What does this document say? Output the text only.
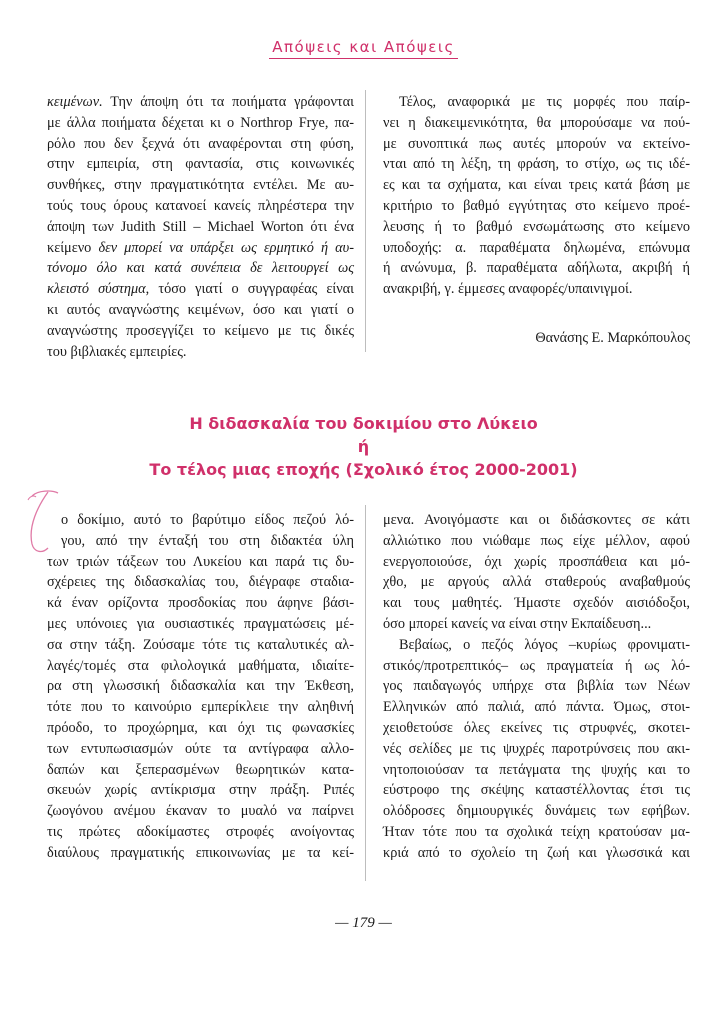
Απόψεις και Απόψεις
κειμένων. Την άποψη ότι τα ποιήματα γράφονται
με άλλα ποιήματα δέχεται κι ο Northrop Frye, πα-
ρόλο που δεν ξεχνά ότι αναφέρονται στη φύση,
στην εμπειρία, στη φαντασία, στις κοινωνικές
συνθήκες, στην πραγματικότητα εντέλει. Με αυ-
τούς τους όρους κατανοεί κανείς πληρέστερα την
άποψη των Judith Still – Michael Worton ότι ένα
κείμενο δεν μπορεί να υπάρξει ως ερμητικό ή αυ-
τόνομο όλο και κατά συνέπεια δε λειτουργεί ως
κλειστό σύστημα, τόσο γιατί ο συγγραφέας είναι
κι αυτός αναγνώστης κειμένων, όσο και γιατί ο
αναγνώστης προσεγγίζει το κείμενο με τις δικές
του βιβλιακές εμπειρίες.
Τέλος, αναφορικά με τις μορφές που παίρ-
νει η διακειμενικότητα, θα μπορούσαμε να πού-
με συνοπτικά πως αυτές μπορούν να εκτείνο-
νται από τη λέξη, τη φράση, το στίχο, ως τις ιδέ-
ες και τα σχήματα, και είναι τρεις κατά βάση με
κριτήριο το βαθμό εγγύτητας στο κείμενο προέ-
λευσης ή το βαθμό ενσωμάτωσης στο κείμενο
υποδοχής: α. παραθέματα δηλωμένα, επώνυμα
ή ανώνυμα, β. παραθέματα αδήλωτα, ακριβή ή
ανακριβή, γ. έμμεσες αναφορές/υπαινιγμοί.
Θανάσης Ε. Μαρκόπουλος
Η διδασκαλία του δοκιμίου στο Λύκειο
ή
Το τέλος μιας εποχής (Σχολικό έτος 2000-2001)
ο δοκίμιο, αυτό το βαρύτιμο είδος πεζού λό-
γου, από την ένταξή του στη διδακτέα ύλη
των τριών τάξεων του Λυκείου και παρά τις δυ-
σχέρειες της διδασκαλίας του, διέγραφε σταδια-
κά έναν ορίζοντα προσδοκίας που άφηνε βάσι-
μες υπόνοιες για ουσιαστικές πραγματώσεις μέ-
σα στην τάξη. Ζούσαμε τότε τις καταλυτικές αλ-
λαγές/τομές στα φιλολογικά μαθήματα, ιδιαίτε-
ρα στη γλωσσική διδασκαλία και την Έκθεση,
τότε που το καινούριο εμπερίκλειε την αληθινή
πρόοδο, το προχώρημα, και όχι τις φωνασκίες
των εντυπωσιασμών ούτε τα αντίγραφα αλλο-
δαπών και ξεπερασμένων θεωρητικών κατα-
σκευών χωρίς αντίκρισμα στην πράξη. Ριπές
ζωογόνου ανέμου έκαναν το μυαλό να παίρνει
τις πρώτες αδοκίμαστες στροφές ανοίγοντας
διαύλους πραγματικής επικοινωνίας με τα κεί-
μενα. Ανοιγόμαστε και οι διδάσκοντες σε κάτι
αλλιώτικο που νιώθαμε πως είχε μέλλον, αφού
ενεργοποιούσε, όχι χωρίς προσπάθεια και μό-
χθο, με αργούς αλλά σταθερούς αναβαθμούς
και τους μαθητές. Ήμαστε σχεδόν αισιόδοξοι,
όσο μπορεί κανείς να είναι στην Εκπαίδευση...
Βεβαίως, ο πεζός λόγος –κυρίως φρονιματι-
στικός/προτρεπτικός– ως πραγματεία ή ως λό-
γος παιδαγωγός υπήρχε στα βιβλία των Νέων
Ελληνικών από παλιά, από πάντα. Όμως, στοι-
χειοθετούσε όλες εκείνες τις στρυφνές, σκοτει-
νές σελίδες με τις ψυχρές παροτρύνσεις που ακι-
νητοποιούσαν τα πετάγματα της ψυχής και το
εύστροφο της σκέψης καταστέλλοντας έτσι τις
ολόδροσες δημιουργικές δυνάμεις των εφήβων.
Ήταν τότε που τα σχολικά τείχη κρατούσαν μα-
κριά από το σχολείο τη ζωή και γλωσσικά και
— 179 —
